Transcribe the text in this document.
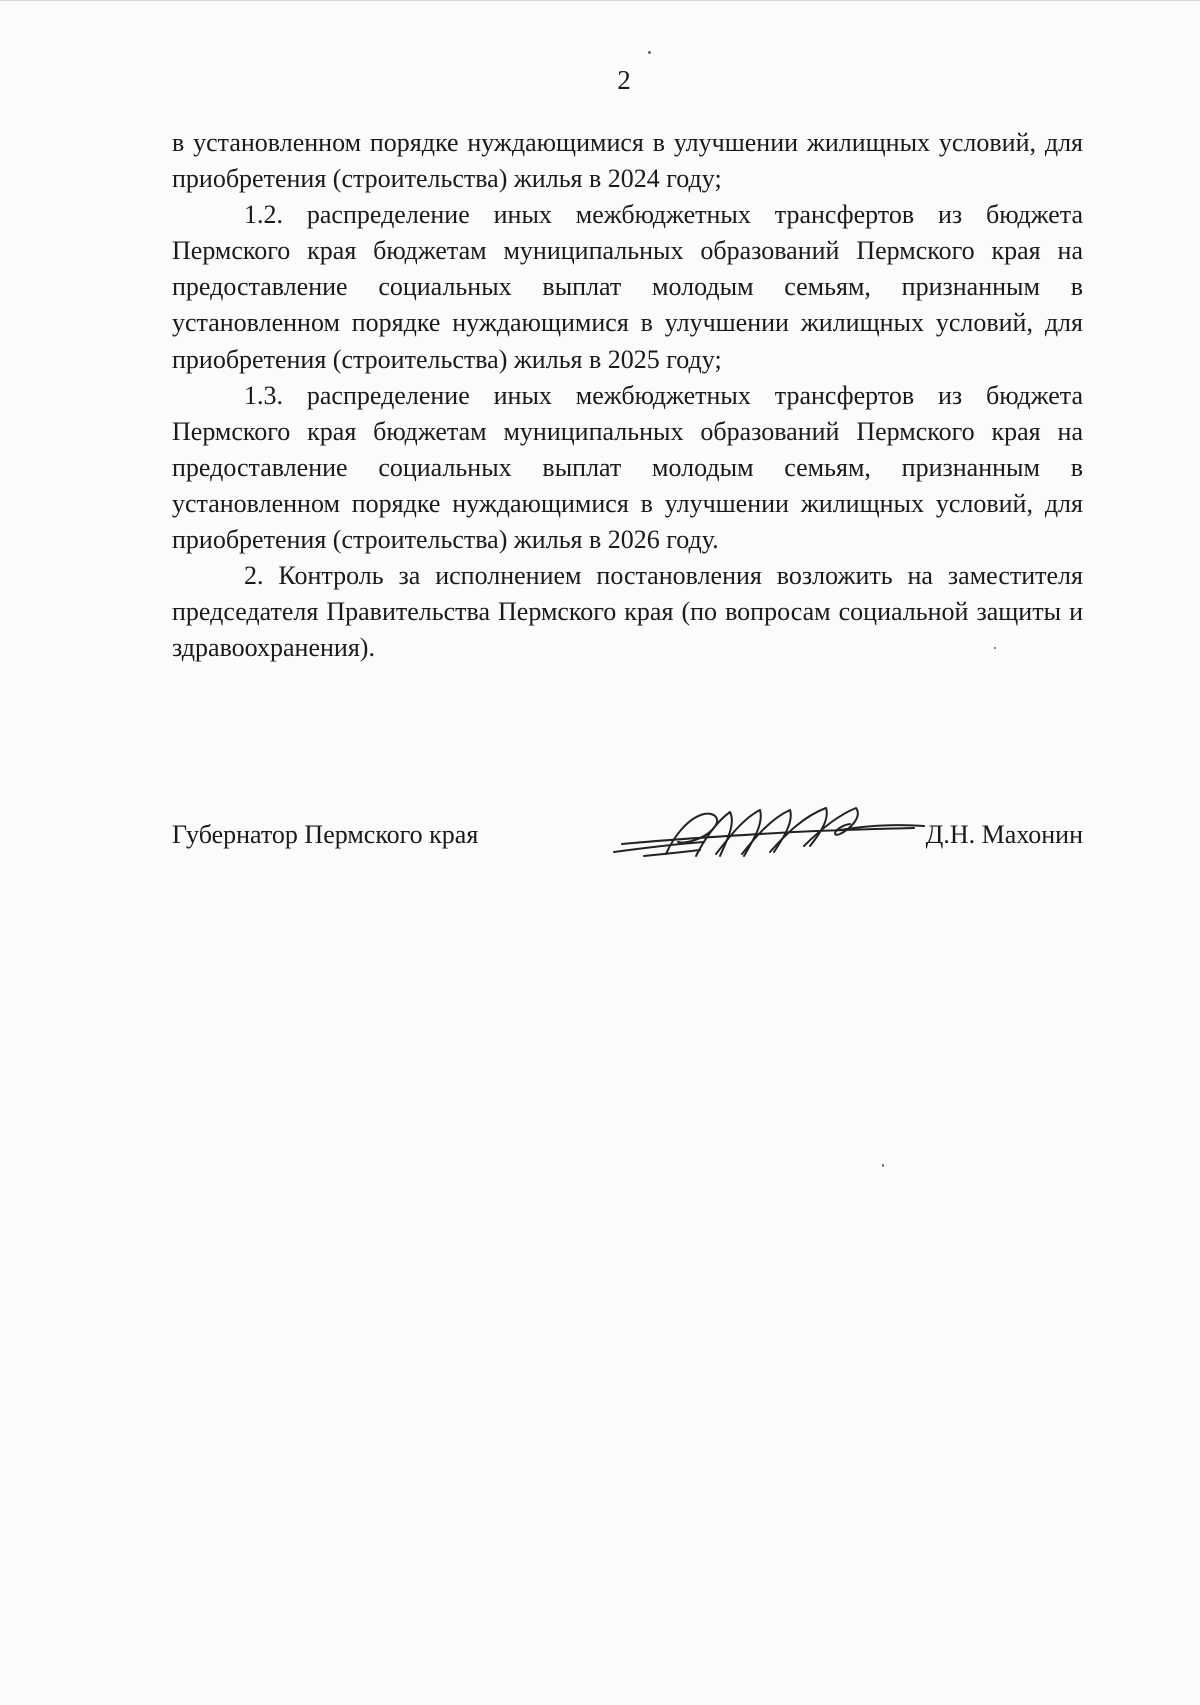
2

в установленном порядке нуждающимися в улучшении жилищных условий, для приобретения (строительства) жилья в 2024 году;

1.2. распределение иных межбюджетных трансфертов из бюджета Пермского края бюджетам муниципальных образований Пермского края на предоставление социальных выплат молодым семьям, признанным в установленном порядке нуждающимися в улучшении жилищных условий, для приобретения (строительства) жилья в 2025 году;

1.3. распределение иных межбюджетных трансфертов из бюджета Пермского края бюджетам муниципальных образований Пермского края на предоставление социальных выплат молодым семьям, признанным в установленном порядке нуждающимися в улучшении жилищных условий, для приобретения (строительства) жилья в 2026 году.

2. Контроль за исполнением постановления возложить на заместителя председателя Правительства Пермского края (по вопросам социальной защиты и здравоохранения).

Губернатор Пермского края	Д.Н. Махонин
